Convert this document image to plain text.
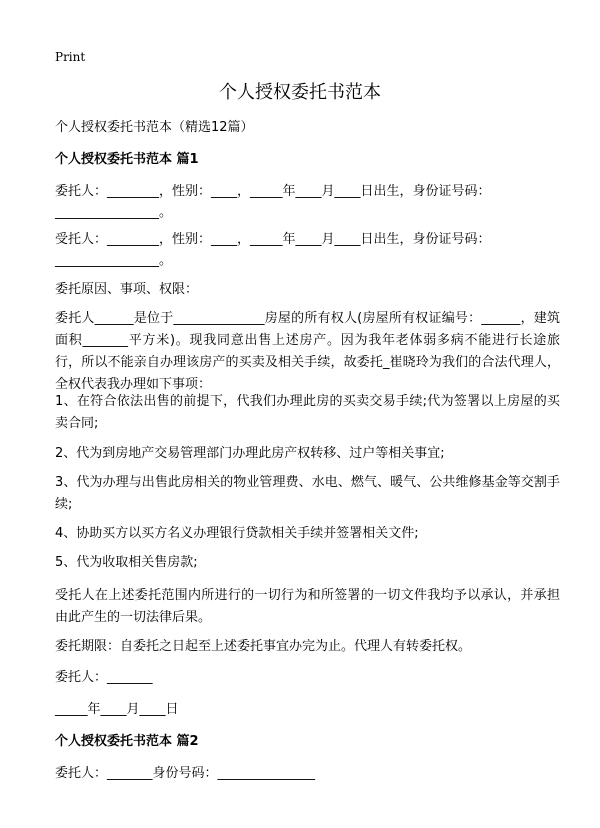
Print
个人授权委托书范本
个人授权委托书范本（精选12篇）
个人授权委托书范本 篇1
委托人：________，性别：____，_____年____月____日出生，身份证号码：
________________。
受托人：________，性别：____，_____年____月____日出生，身份证号码：
________________。
委托原因、事项、权限：
委托人______是位于______________房屋的所有权人(房屋所有权证编号：______，建筑面积_______平方米)。现我同意出售上述房产。因为我年老体弱多病不能进行长途旅行，所以不能亲自办理该房产的买卖及相关手续，故委托_崔晓玲为我们的合法代理人，全权代表我办理如下事项：
1、在符合依法出售的前提下，代我们办理此房的买卖交易手续;代为签署以上房屋的买卖合同;
2、代为到房地产交易管理部门办理此房产权转移、过户等相关事宜;
3、代为办理与出售此房相关的物业管理费、水电、燃气、暖气、公共维修基金等交割手续;
4、协助买方以买方名义办理银行贷款相关手续并签署相关文件;
5、代为收取相关售房款;
受托人在上述委托范围内所进行的一切行为和所签署的一切文件我均予以承认，并承担由此产生的一切法律后果。
委托期限：自委托之日起至上述委托事宜办完为止。代理人有转委托权。
委托人：_______
_____年____月____日
个人授权委托书范本 篇2
委托人：_______身份号码：_______________
